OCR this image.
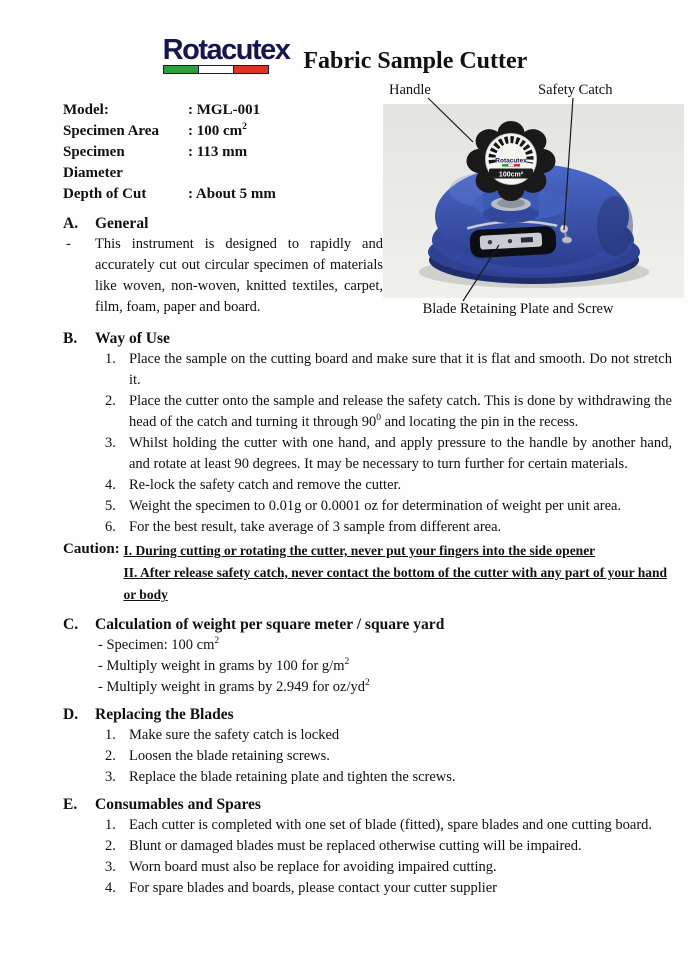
Rotacutex Fabric Sample Cutter
Model:	: MGL-001
Specimen Area	: 100 $cm^2$
Specimen Diameter
: 113 mm
Depth of Cut	: About 5 mm
A.	General
-	This instrument is designed to rapidly and accurately cut out circular specimen of materials like woven, non-woven, knitted textiles, carpet, film, foam, paper and board.
Handle	Safety Catch
Rotacutex
100cm²
Blade Retaining Plate and Screw
B.	Way of Use
1. Place the sample on the cutting board and make sure that it is flat and smooth. Do not stretch it.
2. Place the cutter onto the sample and release the safety catch. This is done by withdrawing the head of the catch and turning it through $90^0$ and locating the pin in the recess.
3. Whilst holding the cutter with one hand, and apply pressure to the handle by another hand, and rotate at least 90 degrees. It may be necessary to turn further for certain materials.
4. Re-lock the safety catch and remove the cutter.
5. Weight the specimen to 0.01g or 0.0001 oz for determination of weight per unit area.
6. For the best result, take average of 3 sample from different area.
Caution: I. During cutting or rotating the cutter, never put your fingers into the side opener
II. After release safety catch, never contact the bottom of the cutter with any part of your hand or body
C.	Calculation of weight per square meter / square yard
- Specimen: 100 $cm^2$
- Multiply weight in grams by 100 for $g/m^2$
- Multiply weight in grams by 2.949 for $oz/yd^2$
D.	Replacing the Blades
1. Make sure the safety catch is locked
2. Loosen the blade retaining screws.
3. Replace the blade retaining plate and tighten the screws.
E.	Consumables and Spares
1. Each cutter is completed with one set of blade (fitted), spare blades and one cutting board.
2. Blunt or damaged blades must be replaced otherwise cutting will be impaired.
3. Worn board must also be replace for avoiding impaired cutting.
4. For spare blades and boards, please contact your cutter supplier
